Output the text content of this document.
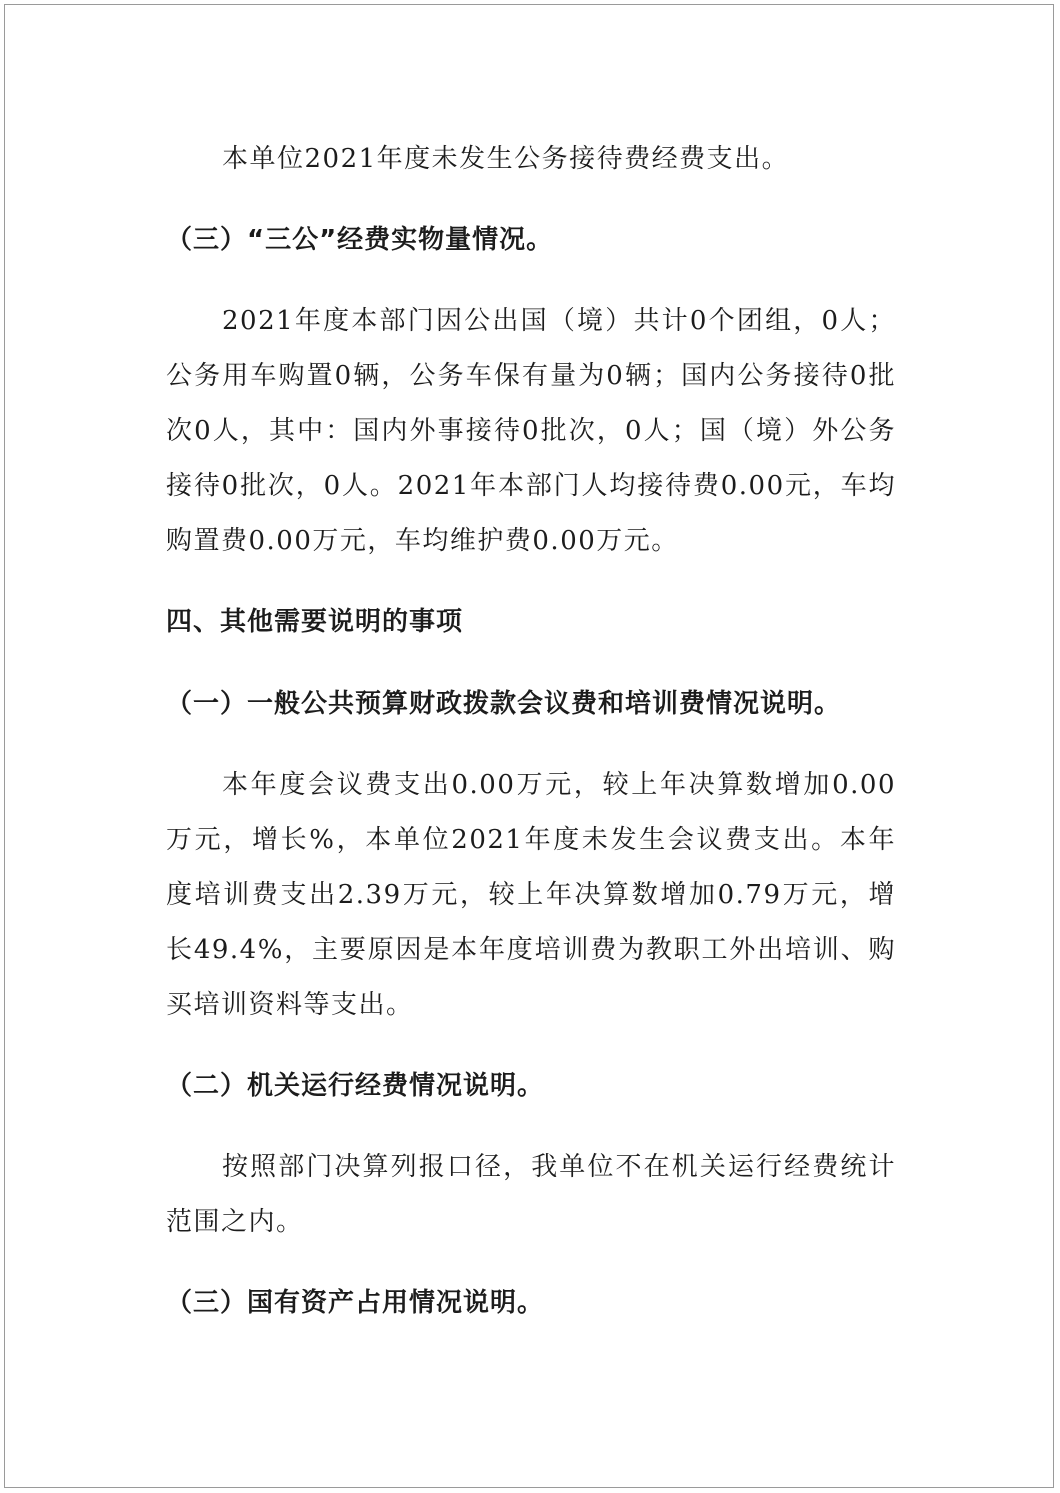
本单位2021年度未发生公务接待费经费支出。

（三）“三公”经费实物量情况。

2021年度本部门因公出国（境）共计0个团组，0人；公务用车购置0辆，公务车保有量为0辆；国内公务接待0批次0人，其中：国内外事接待0批次，0人；国（境）外公务接待0批次，0人。2021年本部门人均接待费0.00元，车均购置费0.00万元，车均维护费0.00万元。

四、其他需要说明的事项
（一）一般公共预算财政拨款会议费和培训费情况说明。

本年度会议费支出0.00万元，较上年决算数增加0.00万元，增长%，本单位2021年度未发生会议费支出。本年度培训费支出2.39万元，较上年决算数增加0.79万元，增长49.4%，主要原因是本年度培训费为教职工外出培训、购买培训资料等支出。

（二）机关运行经费情况说明。

按照部门决算列报口径，我单位不在机关运行经费统计范围之内。

（三）国有资产占用情况说明。
